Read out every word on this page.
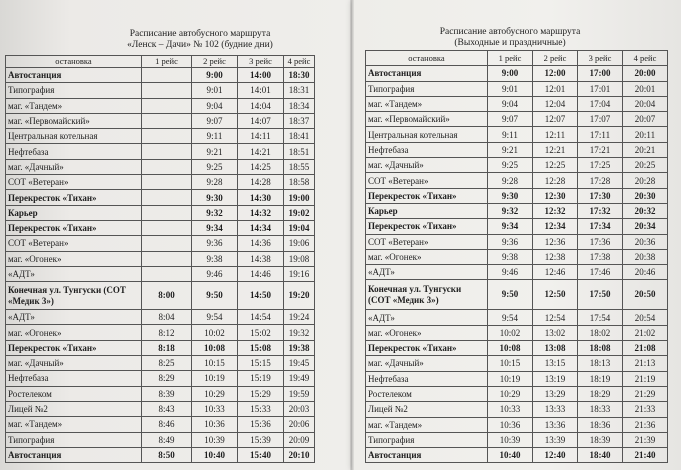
Расписание автобусного маршрута
«Ленск – Дачи» № 102 (будние дни)
Расписание автобусного маршрута
(Выходные и праздничные)
остановка	1 рейс	2 рейс	3 рейс	4 рейс
Автостанция		9:00	14:00	18:30
Типография		9:01	14:01	18:31
маг. «Тандем»		9:04	14:04	18:34
маг. «Первомайский»		9:07	14:07	18:37
Центральная котельная		9:11	14:11	18:41
Нефтебаза		9:21	14:21	18:51
маг. «Дачный»		9:25	14:25	18:55
СОТ «Ветеран»		9:28	14:28	18:58
Перекресток «Тихан»		9:30	14:30	19:00
Карьер		9:32	14:32	19:02
Перекресток «Тихан»		9:34	14:34	19:04
СОТ «Ветеран»		9:36	14:36	19:06
маг. «Огонек»		9:38	14:38	19:08
«АДТ»		9:46	14:46	19:16
Конечная ул. Тунгуски (СОТ «Медик 3»)	8:00	9:50	14:50	19:20
«АДТ»	8:04	9:54	14:54	19:24
маг. «Огонек»	8:12	10:02	15:02	19:32
Перекресток «Тихан»	8:18	10:08	15:08	19:38
маг. «Дачный»	8:25	10:15	15:15	19:45
Нефтебаза	8:29	10:19	15:19	19:49
Ростелеком	8:39	10:29	15:29	19:59
Лицей №2	8:43	10:33	15:33	20:03
маг. «Тандем»	8:46	10:36	15:36	20:06
Типография	8:49	10:39	15:39	20:09
Автостанция	8:50	10:40	15:40	20:10
остановка	1 рейс	2 рейс	3 рейс	4 рейс
Автостанция	9:00	12:00	17:00	20:00
Типография	9:01	12:01	17:01	20:01
маг. «Тандем»	9:04	12:04	17:04	20:04
маг. «Первомайский»	9:07	12:07	17:07	20:07
Центральная котельная	9:11	12:11	17:11	20:11
Нефтебаза	9:21	12:21	17:21	20:21
маг. «Дачный»	9:25	12:25	17:25	20:25
СОТ «Ветеран»	9:28	12:28	17:28	20:28
Перекресток «Тихан»	9:30	12:30	17:30	20:30
Карьер	9:32	12:32	17:32	20:32
Перекресток «Тихан»	9:34	12:34	17:34	20:34
СОТ «Ветеран»	9:36	12:36	17:36	20:36
маг. «Огонек»	9:38	12:38	17:38	20:38
«АДТ»	9:46	12:46	17:46	20:46
Конечная ул. Тунгуски (СОТ «Медик 3»)	9:50	12:50	17:50	20:50
«АДТ»	9:54	12:54	17:54	20:54
маг. «Огонек»	10:02	13:02	18:02	21:02
Перекресток «Тихан»	10:08	13:08	18:08	21:08
маг. «Дачный»	10:15	13:15	18:13	21:13
Нефтебаза	10:19	13:19	18:19	21:19
Ростелеком	10:29	13:29	18:29	21:29
Лицей №2	10:33	13:33	18:33	21:33
маг. «Тандем»	10:36	13:36	18:36	21:36
Типография	10:39	13:39	18:39	21:39
Автостанция	10:40	12:40	18:40	21:40
